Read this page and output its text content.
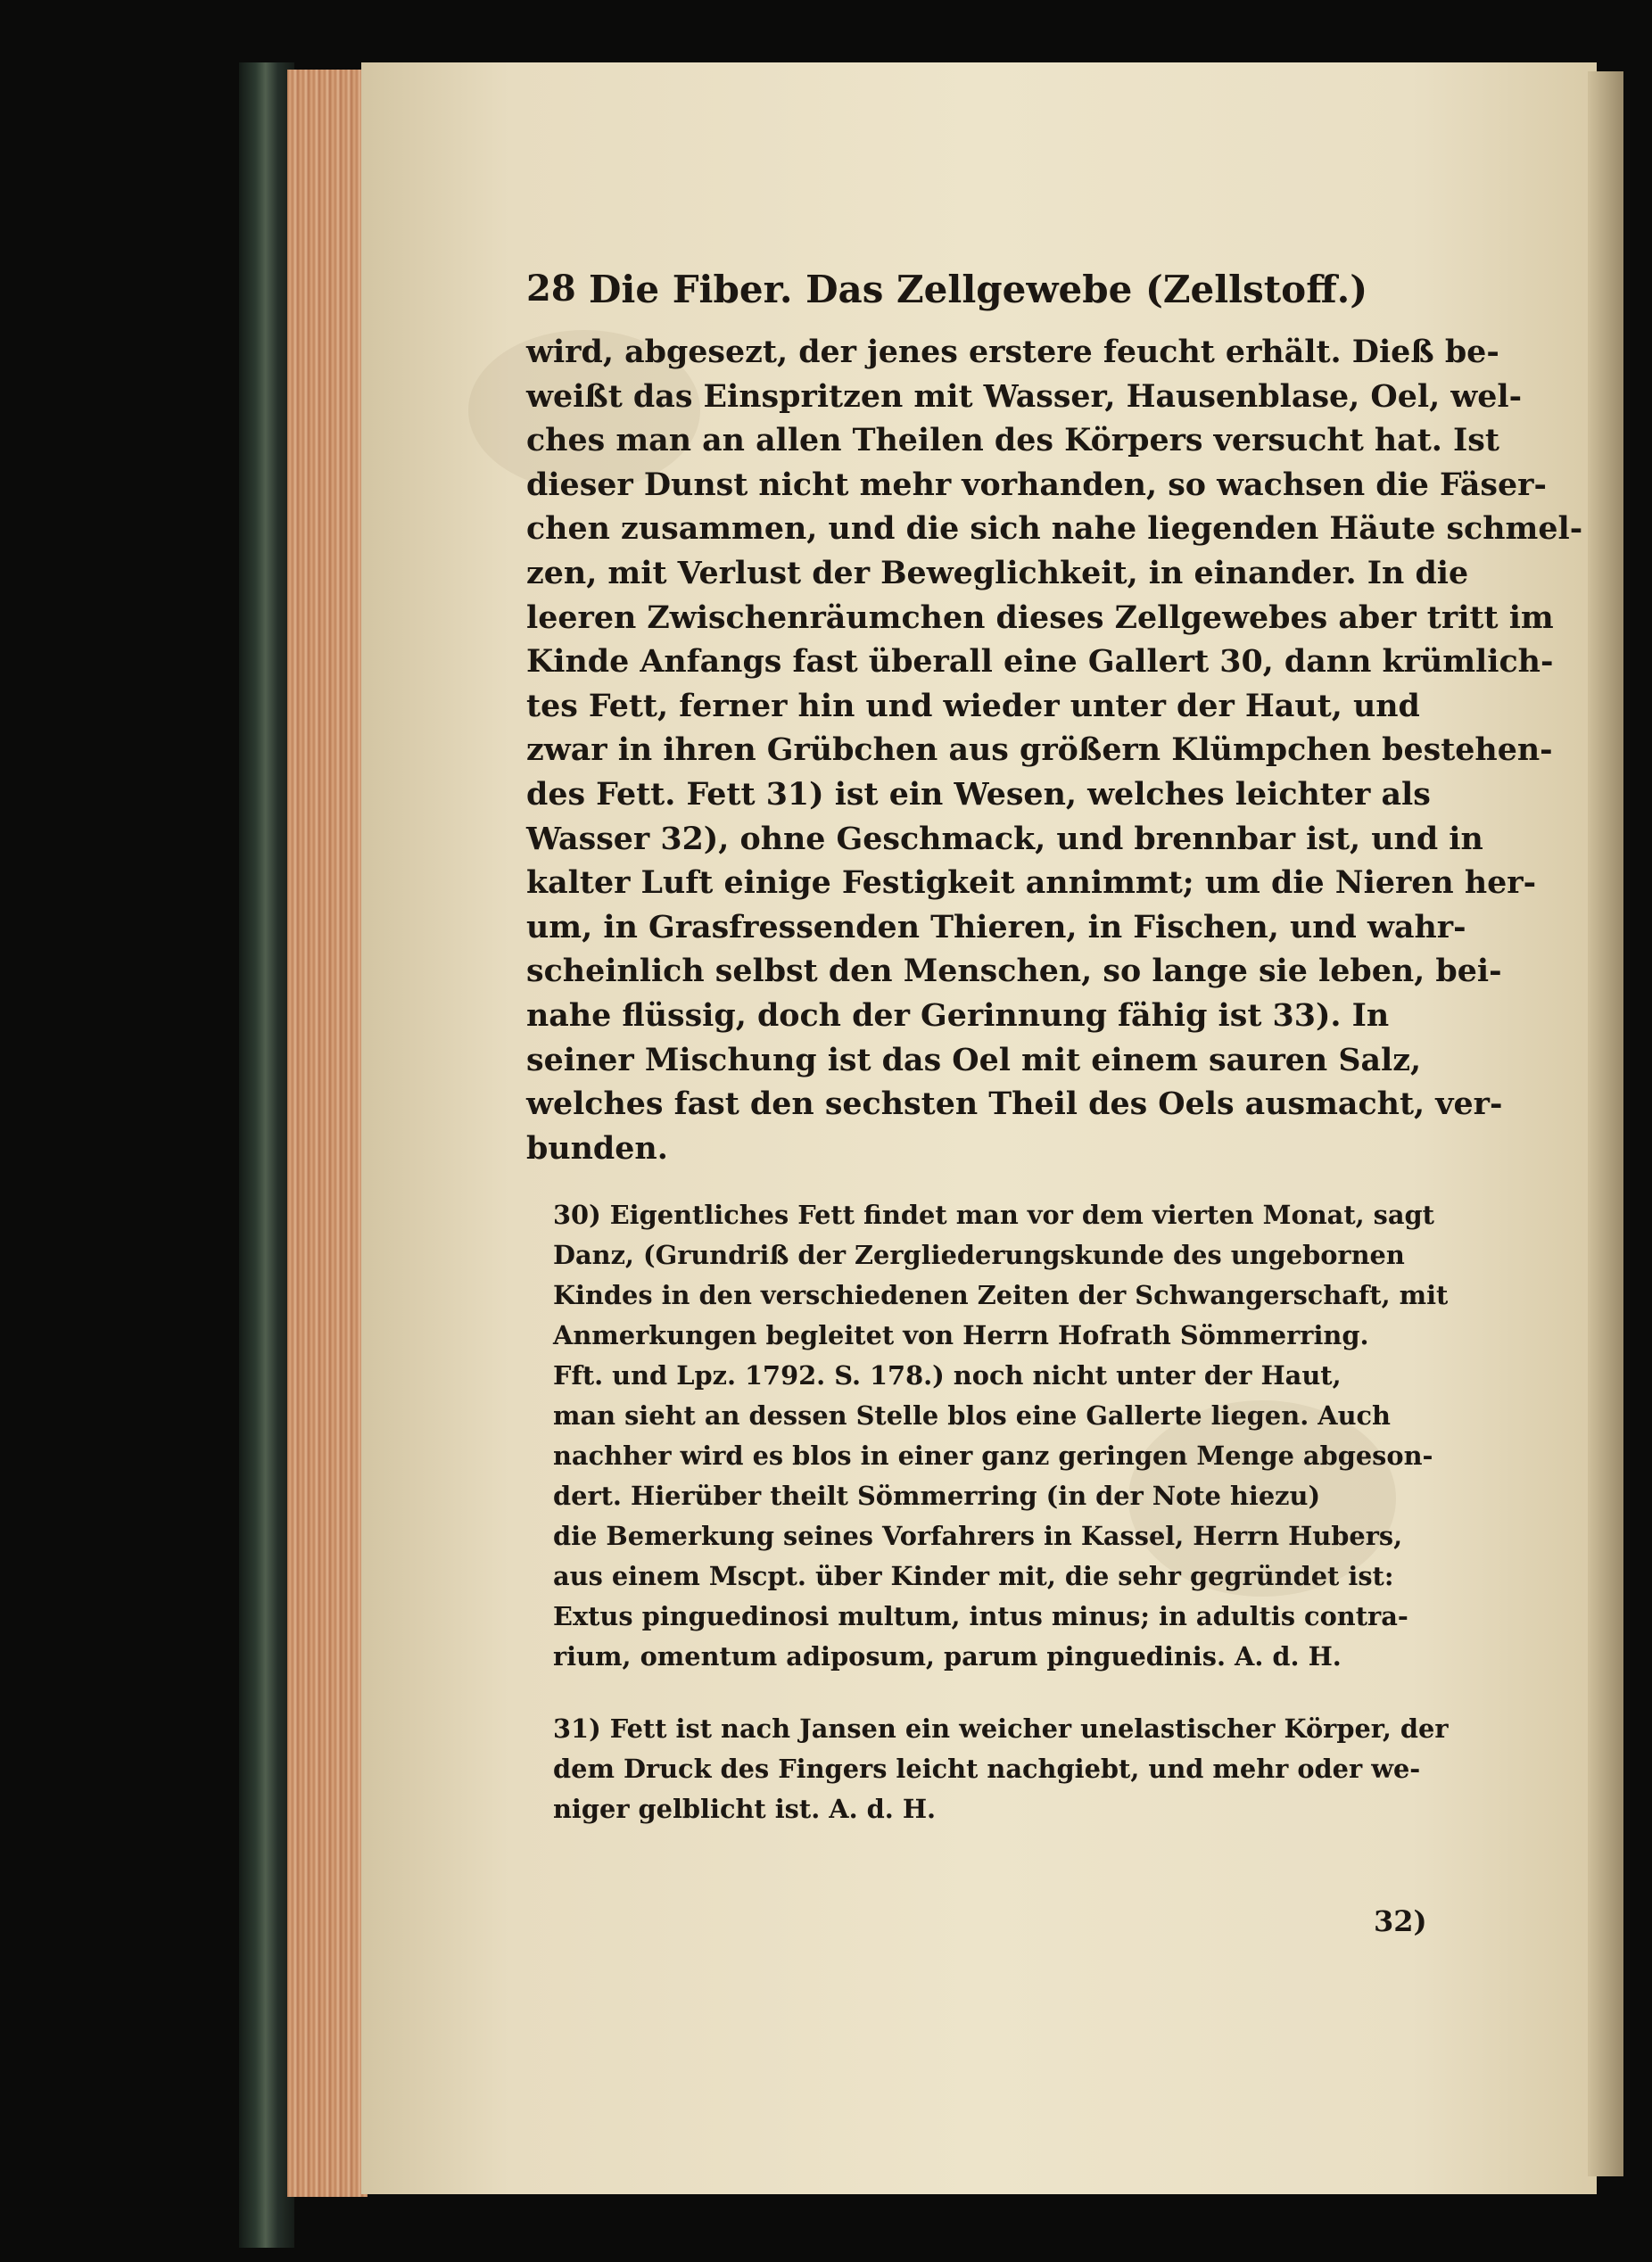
28 Die Fiber. Das Zellgewebe (Zellstoff.)
wird, abgesezt, der jenes erstere feucht erhält. Dieß be-
weißt das Einspritzen mit Wasser, Hausenblase, Oel, wel-
ches man an allen Theilen des Körpers versucht hat. Ist
dieser Dunst nicht mehr vorhanden, so wachsen die Fäser-
chen zusammen, und die sich nahe liegenden Häute schmel-
zen, mit Verlust der Beweglichkeit, in einander. In die
leeren Zwischenräumchen dieses Zellgewebes aber tritt im
Kinde Anfangs fast überall eine Gallert 30, dann krümlich-
tes Fett, ferner hin und wieder unter der Haut, und
zwar in ihren Grübchen aus größern Klümpchen bestehen-
des Fett. Fett 31) ist ein Wesen, welches leichter als
Wasser 32), ohne Geschmack, und brennbar ist, und in
kalter Luft einige Festigkeit annimmt; um die Nieren her-
um, in Grasfressenden Thieren, in Fischen, und wahr-
scheinlich selbst den Menschen, so lange sie leben, bei-
nahe flüssig, doch der Gerinnung fähig ist 33). In
seiner Mischung ist das Oel mit einem sauren Salz,
welches fast den sechsten Theil des Oels ausmacht, ver-
bunden.
30) Eigentliches Fett findet man vor dem vierten Monat, sagt
Danz, (Grundriß der Zergliederungskunde des ungebornen
Kindes in den verschiedenen Zeiten der Schwangerschaft, mit
Anmerkungen begleitet von Herrn Hofrath Sömmerring.
Fft. und Lpz. 1792. S. 178.) noch nicht unter der Haut,
man sieht an dessen Stelle blos eine Gallerte liegen. Auch
nachher wird es blos in einer ganz geringen Menge abgeson-
dert. Hierüber theilt Sömmerring (in der Note hiezu)
die Bemerkung seines Vorfahrers in Kassel, Herrn Hubers,
aus einem Mscpt. über Kinder mit, die sehr gegründet ist:
Extus pinguedinosi multum, intus minus; in adultis contra-
rium, omentum adiposum, parum pinguedinis. A. d. H.
31) Fett ist nach Jansen ein weicher unelastischer Körper, der
dem Druck des Fingers leicht nachgiebt, und mehr oder we-
niger gelblicht ist. A. d. H.
32)
